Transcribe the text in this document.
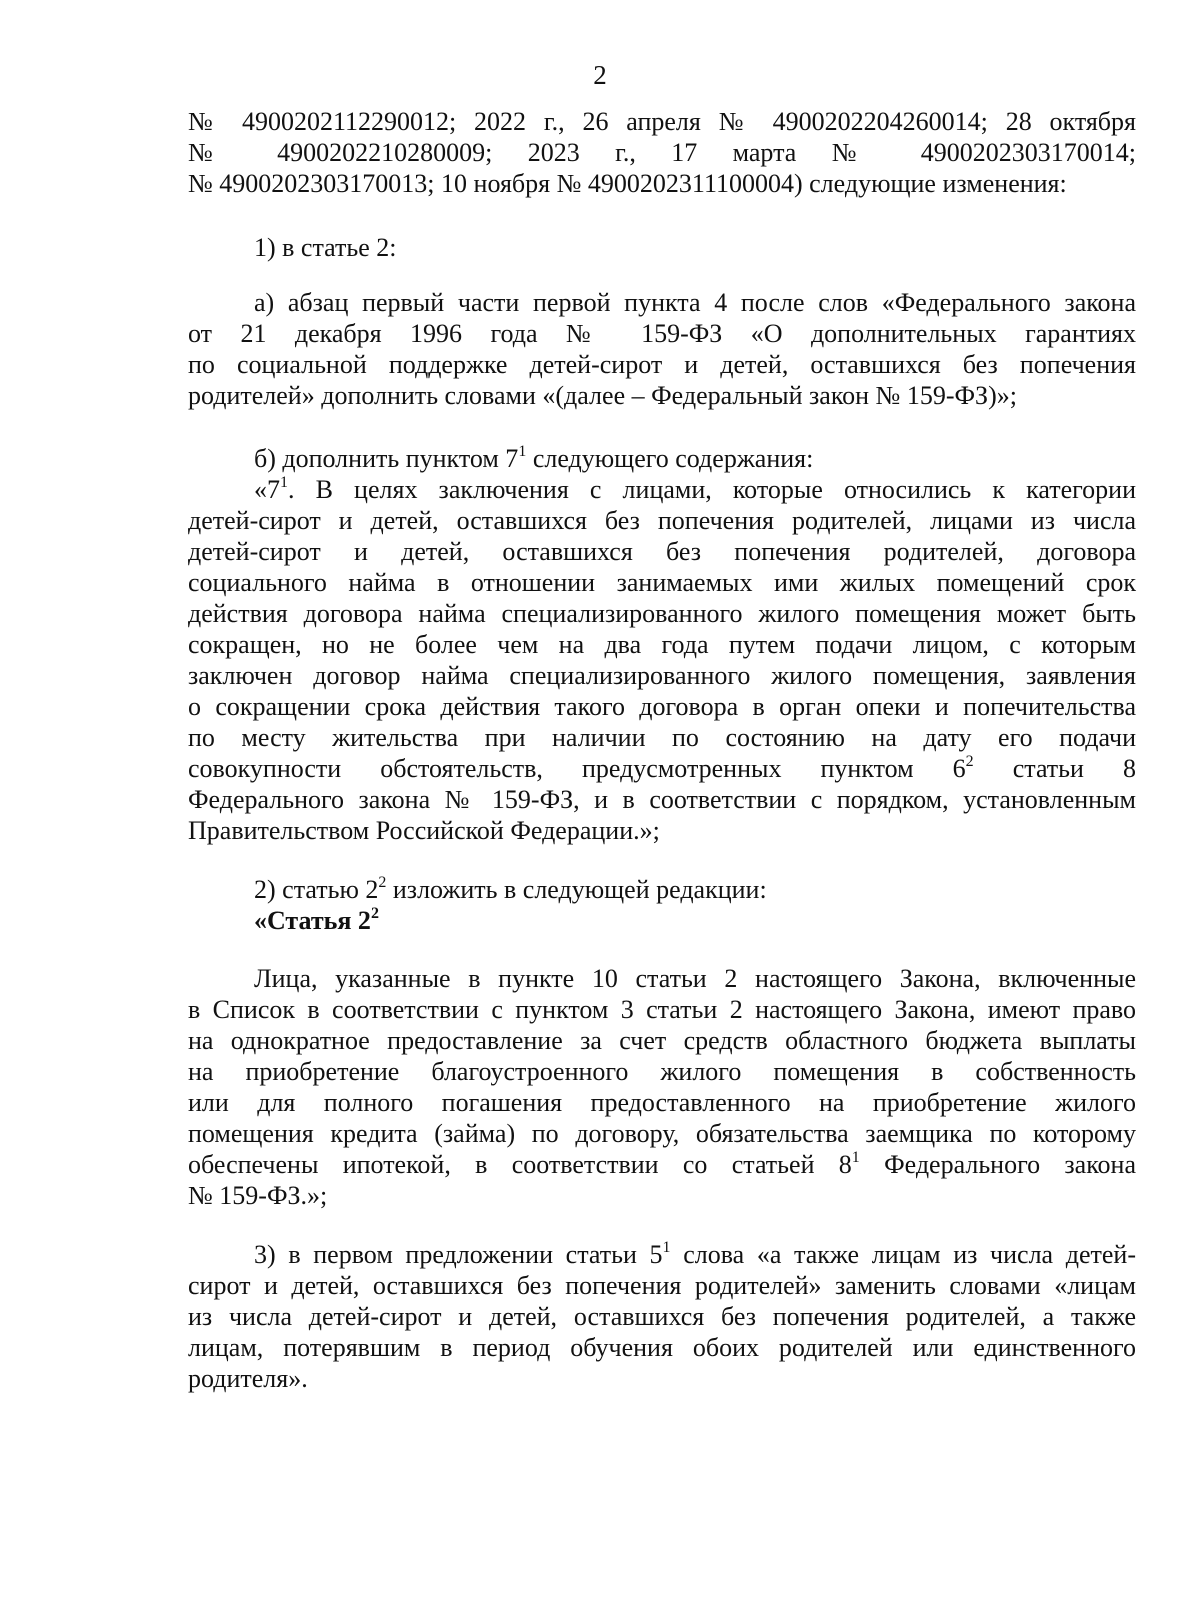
2
№ 4900202112290012; 2022 г., 26 апреля № 4900202204260014; 28 октября
№ 4900202210280009; 2023 г., 17 марта № 4900202303170014;
№ 4900202303170013; 10 ноября № 4900202311100004) следующие изменения:
1) в статье 2:
а) абзац первый части первой пункта 4 после слов «Федерального закона
от 21 декабря 1996 года № 159-ФЗ «О дополнительных гарантиях
по социальной поддержке детей-сирот и детей, оставшихся без попечения
родителей» дополнить словами «(далее – Федеральный закон № 159-ФЗ)»;
б) дополнить пунктом $7^1$ следующего содержания:
«$7^1$. В целях заключения с лицами, которые относились к категории
детей-сирот и детей, оставшихся без попечения родителей, лицами из числа
детей-сирот и детей, оставшихся без попечения родителей, договора
социального найма в отношении занимаемых ими жилых помещений срок
действия договора найма специализированного жилого помещения может быть
сокращен, но не более чем на два года путем подачи лицом, с которым
заключен договор найма специализированного жилого помещения, заявления
о сокращении срока действия такого договора в орган опеки и попечительства
по месту жительства при наличии по состоянию на дату его подачи
совокупности обстоятельств, предусмотренных пунктом $6^2$ статьи 8
Федерального закона № 159-ФЗ, и в соответствии с порядком, установленным
Правительством Российской Федерации.»;
2) статью $2^2$ изложить в следующей редакции:
«Статья $2^2$
Лица, указанные в пункте 10 статьи 2 настоящего Закона, включенные
в Список в соответствии с пунктом 3 статьи 2 настоящего Закона, имеют право
на однократное предоставление за счет средств областного бюджета выплаты
на приобретение благоустроенного жилого помещения в собственность
или для полного погашения предоставленного на приобретение жилого
помещения кредита (займа) по договору, обязательства заемщика по которому
обеспечены ипотекой, в соответствии со статьей $8^1$ Федерального закона
№ 159-ФЗ.»;
3) в первом предложении статьи $5^1$ слова «а также лицам из числа детей-
сирот и детей, оставшихся без попечения родителей» заменить словами «лицам
из числа детей-сирот и детей, оставшихся без попечения родителей, а также
лицам, потерявшим в период обучения обоих родителей или единственного
родителя».
